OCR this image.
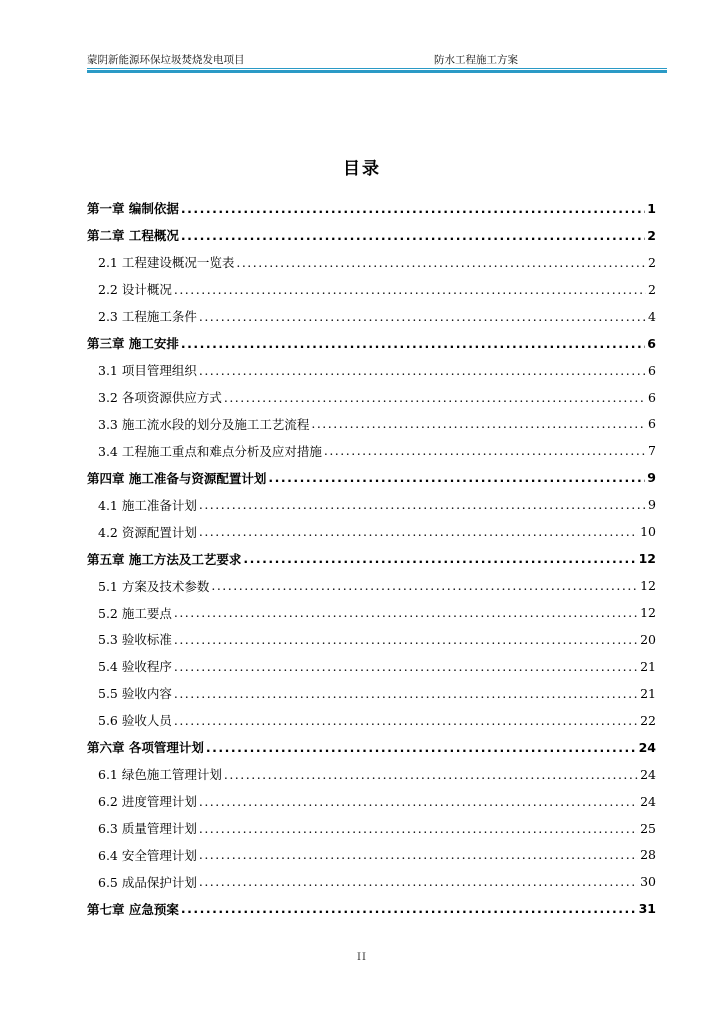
蒙阴新能源环保垃圾焚烧发电项目	防水工程施工方案
目录
第一章 编制依据 .....	1
第二章 工程概况 .....	2
2.1 工程建设概况一览表 .....	2
2.2 设计概况 .....	2
2.3 工程施工条件 .....	4
第三章 施工安排 .....	6
3.1 项目管理组织 .....	6
3.2 各项资源供应方式 .....	6
3.3 施工流水段的划分及施工工艺流程 .....	6
3.4 工程施工重点和难点分析及应对措施 .....	7
第四章 施工准备与资源配置计划 .....	9
4.1 施工准备计划 .....	9
4.2 资源配置计划 .....	10
第五章 施工方法及工艺要求 .....	12
5.1 方案及技术参数 .....	12
5.2 施工要点 .....	12
5.3 验收标准 .....	20
5.4 验收程序 .....	21
5.5 验收内容 .....	21
5.6 验收人员 .....	22
第六章 各项管理计划 .....	24
6.1 绿色施工管理计划 .....	24
6.2 进度管理计划 .....	24
6.3 质量管理计划 .....	25
6.4 安全管理计划 .....	28
6.5 成品保护计划 .....	30
第七章 应急预案 .....	31
II
